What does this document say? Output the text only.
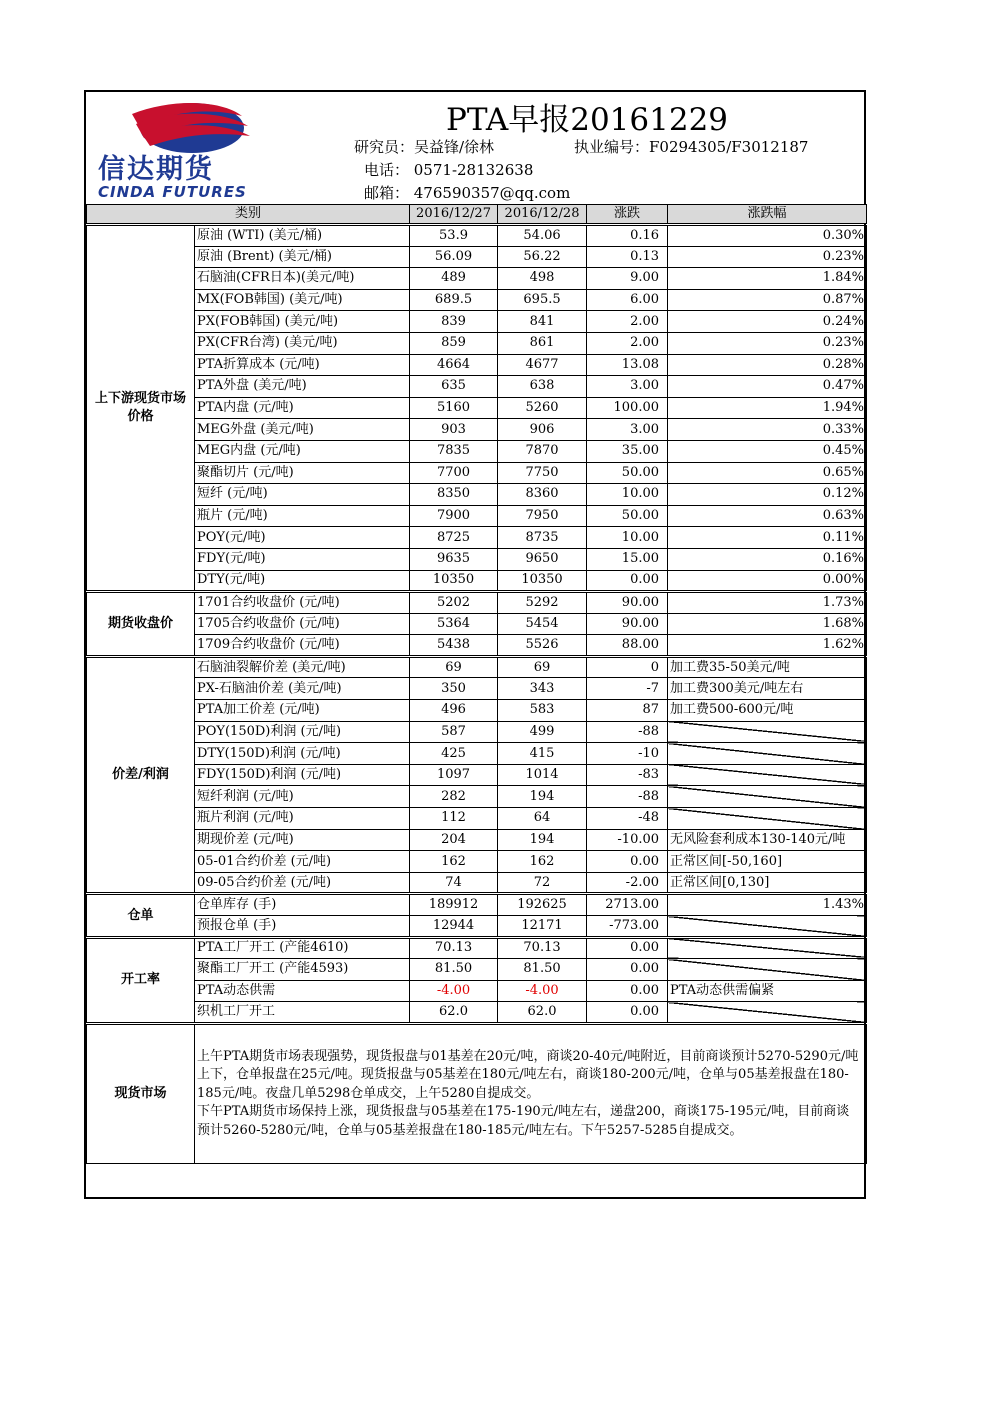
信达期货
CINDA FUTURES
PTA早报20161229
研究员：吴益锋/徐林	执业编号：F0294305/F3012187
电话： 0571-28132638
邮箱： 476590357@qq.com
类别		2016/12/27	2016/12/28	涨跌	涨跌幅
上下游现货市场价格	原油 (WTI) (美元/桶)	53.9	54.06	0.16	0.30%
	原油 (Brent) (美元/桶)	56.09	56.22	0.13	0.23%
	石脑油(CFR日本)(美元/吨)	489	498	9.00	1.84%
	MX(FOB韩国) (美元/吨)	689.5	695.5	6.00	0.87%
	PX(FOB韩国) (美元/吨)	839	841	2.00	0.24%
	PX(CFR台湾) (美元/吨)	859	861	2.00	0.23%
	PTA折算成本 (元/吨)	4664	4677	13.08	0.28%
	PTA外盘 (美元/吨)	635	638	3.00	0.47%
	PTA内盘 (元/吨)	5160	5260	100.00	1.94%
	MEG外盘 (美元/吨)	903	906	3.00	0.33%
	MEG内盘 (元/吨)	7835	7870	35.00	0.45%
	聚酯切片 (元/吨)	7700	7750	50.00	0.65%
	短纤 (元/吨)	8350	8360	10.00	0.12%
	瓶片 (元/吨)	7900	7950	50.00	0.63%
	POY(元/吨)	8725	8735	10.00	0.11%
	FDY(元/吨)	9635	9650	15.00	0.16%
	DTY(元/吨)	10350	10350	0.00	0.00%
期货收盘价	1701合约收盘价 (元/吨)	5202	5292	90.00	1.73%
	1705合约收盘价 (元/吨)	5364	5454	90.00	1.68%
	1709合约收盘价 (元/吨)	5438	5526	88.00	1.62%
价差/利润	石脑油裂解价差 (美元/吨)	69	69	0	加工费35-50美元/吨
	PX-石脑油价差 (美元/吨)	350	343	-7	加工费300美元/吨左右
	PTA加工价差 (元/吨)	496	583	87	加工费500-600元/吨
	POY(150D)利润 (元/吨)	587	499	-88	
	DTY(150D)利润 (元/吨)	425	415	-10	
	FDY(150D)利润 (元/吨)	1097	1014	-83	
	短纤利润 (元/吨)	282	194	-88	
	瓶片利润 (元/吨)	112	64	-48	
	期现价差 (元/吨)	204	194	-10.00	无风险套利成本130-140元/吨
	05-01合约价差 (元/吨)	162	162	0.00	正常区间[-50,160]
	09-05合约价差 (元/吨)	74	72	-2.00	正常区间[0,130]
仓单	仓单库存 (手)	189912	192625	2713.00	1.43%
	预报仓单 (手)	12944	12171	-773.00	
开工率	PTA工厂开工 (产能4610)	70.13	70.13	0.00	
	聚酯工厂开工 (产能4593)	81.50	81.50	0.00	
	PTA动态供需	-4.00	-4.00	0.00	PTA动态供需偏紧
	织机工厂开工	62.0	62.0	0.00	
现货市场	上午PTA期货市场表现强势，现货报盘与01基差在20元/吨，商谈20-40元/吨附近，目前商谈预计5270-5290元/吨上下，仓单报盘在25元/吨。现货报盘与05基差在180元/吨左右，商谈180-200元/吨，仓单与05基差报盘在180-185元/吨。夜盘几单5298仓单成交，上午5280自提成交。
下午PTA期货市场保持上涨，现货报盘与05基差在175-190元/吨左右，递盘200，商谈175-195元/吨，目前商谈预计5260-5280元/吨，仓单与05基差报盘在180-185元/吨左右。下午5257-5285自提成交。				
